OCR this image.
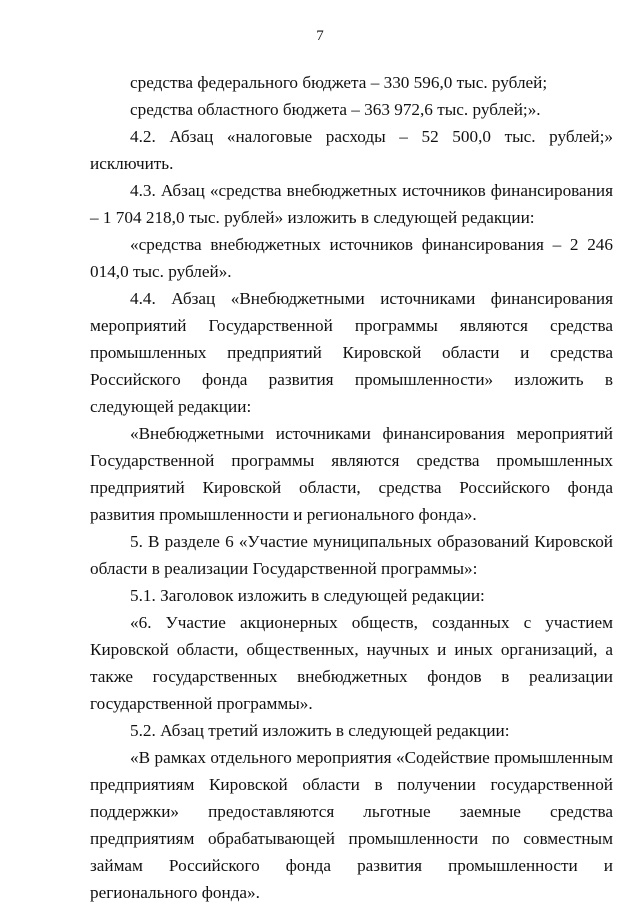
7

средства федерального бюджета – 330 596,0 тыс. рублей;

средства областного бюджета – 363 972,6 тыс. рублей;».

4.2. Абзац «налоговые расходы – 52 500,0 тыс. рублей;» исключить.

4.3. Абзац «средства внебюджетных источников финансирования – 1 704 218,0 тыс. рублей» изложить в следующей редакции:

«средства внебюджетных источников финансирования – 2 246 014,0 тыс. рублей».

4.4. Абзац «Внебюджетными источниками финансирования мероприятий Государственной программы являются средства промышленных предприятий Кировской области и средства Российского фонда развития промышленности» изложить в следующей редакции:

«Внебюджетными источниками финансирования мероприятий Государственной программы являются средства промышленных предприятий Кировской области, средства Российского фонда развития промышленности и регионального фонда».

5. В разделе 6 «Участие муниципальных образований Кировской области в реализации Государственной программы»:

5.1. Заголовок изложить в следующей редакции:

«6. Участие акционерных обществ, созданных с участием Кировской области, общественных, научных и иных организаций, а также государственных внебюджетных фондов в реализации государственной программы».

5.2. Абзац третий изложить в следующей редакции:

«В рамках отдельного мероприятия «Содействие промышленным предприятиям Кировской области в получении государственной поддержки» предоставляются льготные заемные средства предприятиям обрабатывающей промышленности по совместным займам Российского фонда развития промышленности и регионального фонда».
